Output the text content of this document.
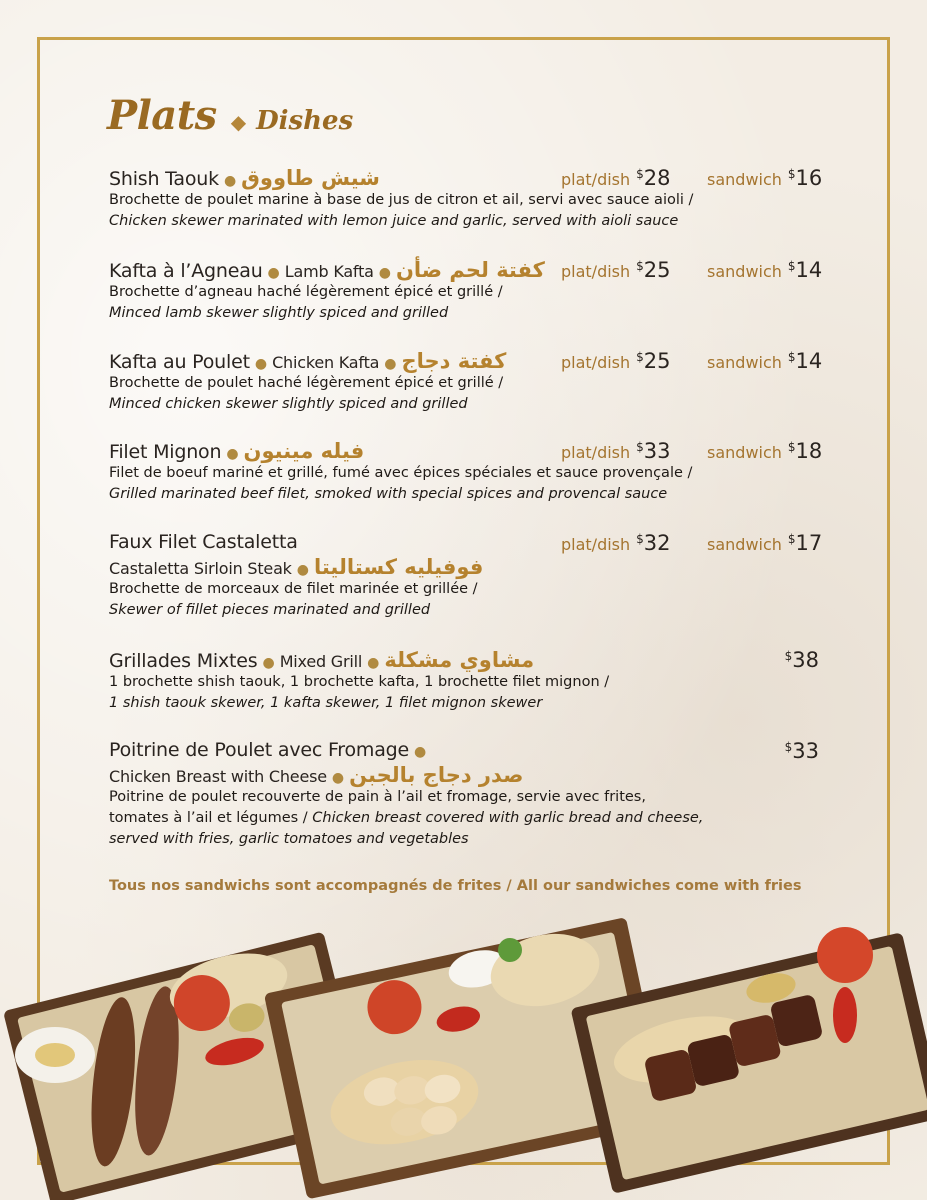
Plats ◆ Dishes
Shish Taouk ● شيش طاووق	plat/dish $28 sandwich $16
Brochette de poulet marine à base de jus de citron et ail, servi avec sauce aioli /
Chicken skewer marinated with lemon juice and garlic, served with aioli sauce
Kafta à l’Agneau ● Lamb Kafta ● كفتة لحم ضأن plat/dish $25 sandwich $14
Brochette d’agneau haché légèrement épicé et grillé /
Minced lamb skewer slightly spiced and grilled
Kafta au Poulet ● Chicken Kafta ● كفتة دجاج	plat/dish $25 sandwich $14
Brochette de poulet haché légèrement épicé et grillé /
Minced chicken skewer slightly spiced and grilled
Filet Mignon ● فيله مينيون	plat/dish $33 sandwich $18
Filet de boeuf mariné et grillé, fumé avec épices spéciales et sauce provençale /
Grilled marinated beef filet, smoked with special spices and provencal sauce
Faux Filet Castaletta	plat/dish $32 sandwich $17
Castaletta Sirloin Steak ● فوفيليه كستاليتا
Brochette de morceaux de filet marinée et grillée /
Skewer of fillet pieces marinated and grilled
Grillades Mixtes ● Mixed Grill ● مشاوي مشكلة	$38
1 brochette shish taouk, 1 brochette kafta, 1 brochette filet mignon /
1 shish taouk skewer, 1 kafta skewer, 1 filet mignon skewer
Poitrine de Poulet avec Fromage ●	$33
Chicken Breast with Cheese ● صدر دجاج بالجبن
Poitrine de poulet recouverte de pain à l’ail et fromage, servie avec frites,
tomates à l’ail et légumes / Chicken breast covered with garlic bread and cheese,
served with fries, garlic tomatoes and vegetables
Tous nos sandwichs sont accompagnés de frites / All our sandwiches come with fries
